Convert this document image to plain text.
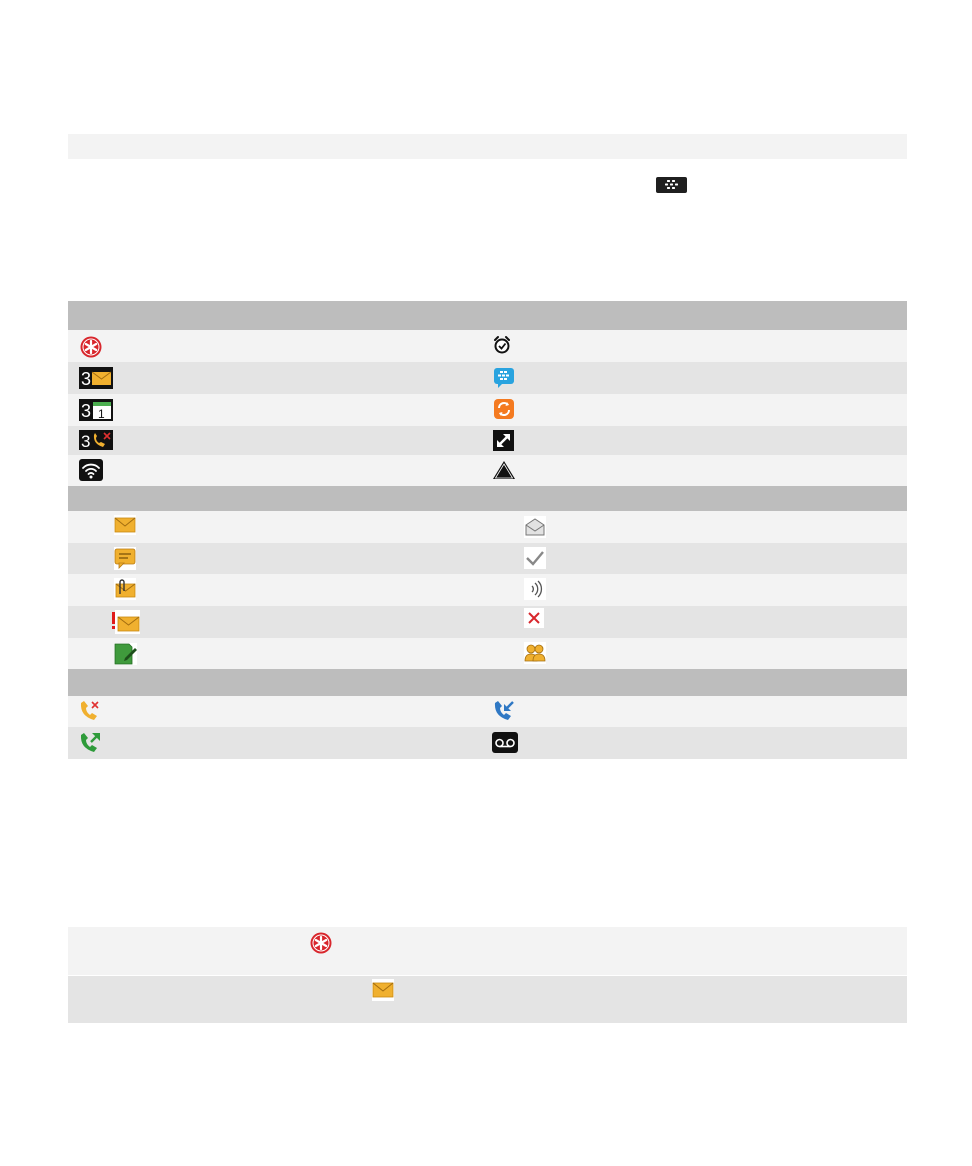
3
3 1
3
